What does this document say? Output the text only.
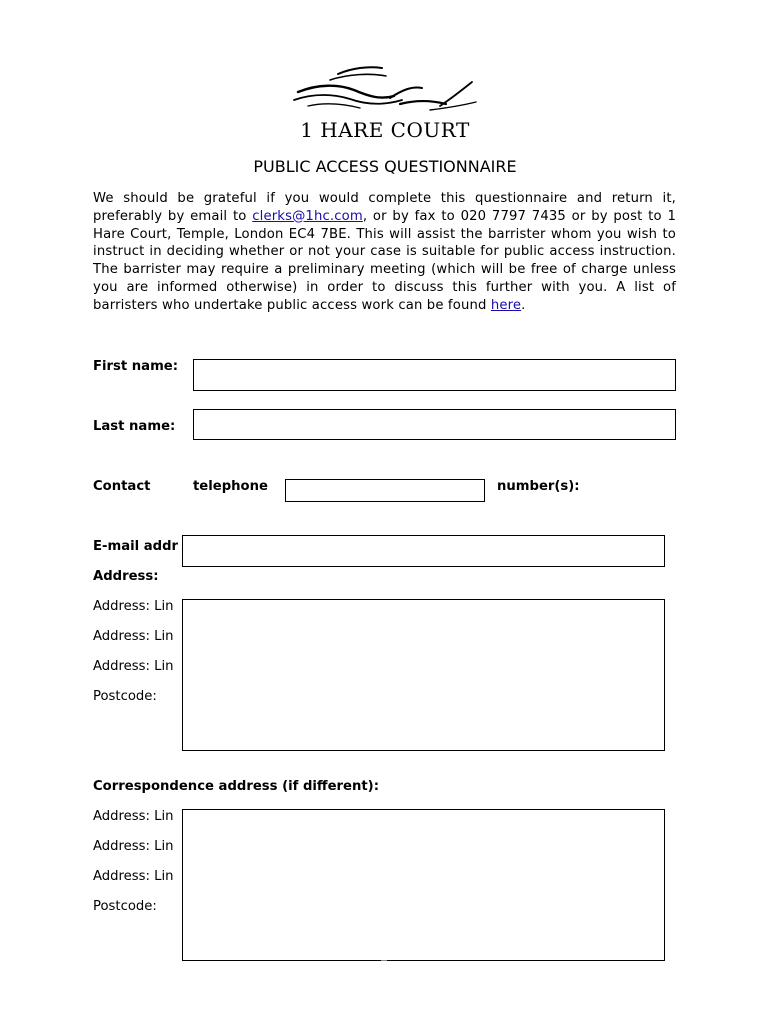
1 HARE COURT
PUBLIC ACCESS QUESTIONNAIRE
We should be grateful if you would complete this questionnaire and return it, preferably by email to clerks@1hc.com, or by fax to 020 7797 7435 or by post to 1 Hare Court, Temple, London EC4 7BE. This will assist the barrister whom you wish to instruct in deciding whether or not your case is suitable for public access instruction. The barrister may require a preliminary meeting (which will be free of charge unless you are informed otherwise) in order to discuss this further with you. A list of barristers who undertake public access work can be found here.
First name:
Last name:
Contact	telephone	number(s):
E-mail addr
Address:
Address: Lin
Address: Lin
Address: Lin
Postcode:
Correspondence address (if different):
Address: Lin
Address: Lin
Address: Lin
Postcode:
